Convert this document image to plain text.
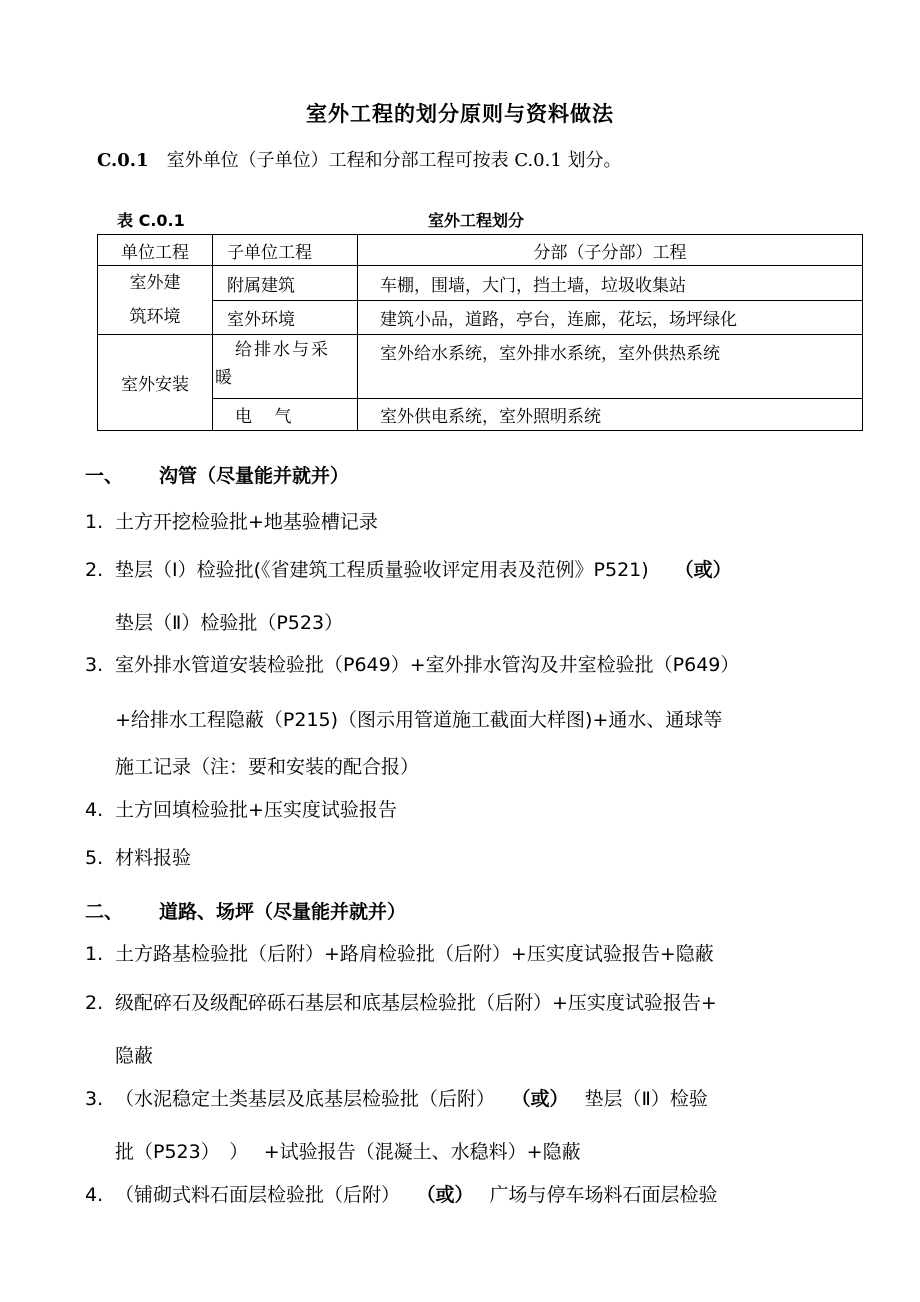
室外工程的划分原则与资料做法
C.0.1 室外单位（子单位）工程和分部工程可按表 C.0.1 划分。
表 C.0.1	室外工程划分
单位工程	子单位工程	分部（子分部）工程

室外建
筑环境	附属建筑	车棚，围墙，大门，挡土墙，垃圾收集站
	室外环境	建筑小品，道路，亭台，连廊，花坛，场坪绿化
室外安装	给排水与采
暖	室外给水系统，室外排水系统，室外供热系统
	电　 气	室外供电系统，室外照明系统
一、 沟管（尽量能并就并）
1. 土方开挖检验批+地基验槽记录
2. 垫层（Ⅰ）检验批(《省建筑工程质量验收评定用表及范例》P521) （或）
垫层（Ⅱ）检验批（P523）
3. 室外排水管道安装检验批（P649）+室外排水管沟及井室检验批（P649）
+给排水工程隐蔽（P215)（图示用管道施工截面大样图)+通水、通球等
施工记录（注：要和安装的配合报）
4. 土方回填检验批+压实度试验报告
5. 材料报验
二、 道路、场坪（尽量能并就并）
1. 土方路基检验批（后附）+路肩检验批（后附）+压实度试验报告+隐蔽
2. 级配碎石及级配碎砾石基层和底基层检验批（后附）+压实度试验报告+
隐蔽
3. （水泥稳定土类基层及底基层检验批（后附） （或） 垫层（Ⅱ）检验
批（P523）　）　 +试验报告（混凝土、水稳料）+隐蔽
4. （铺砌式料石面层检验批（后附） （或） 广场与停车场料石面层检验
